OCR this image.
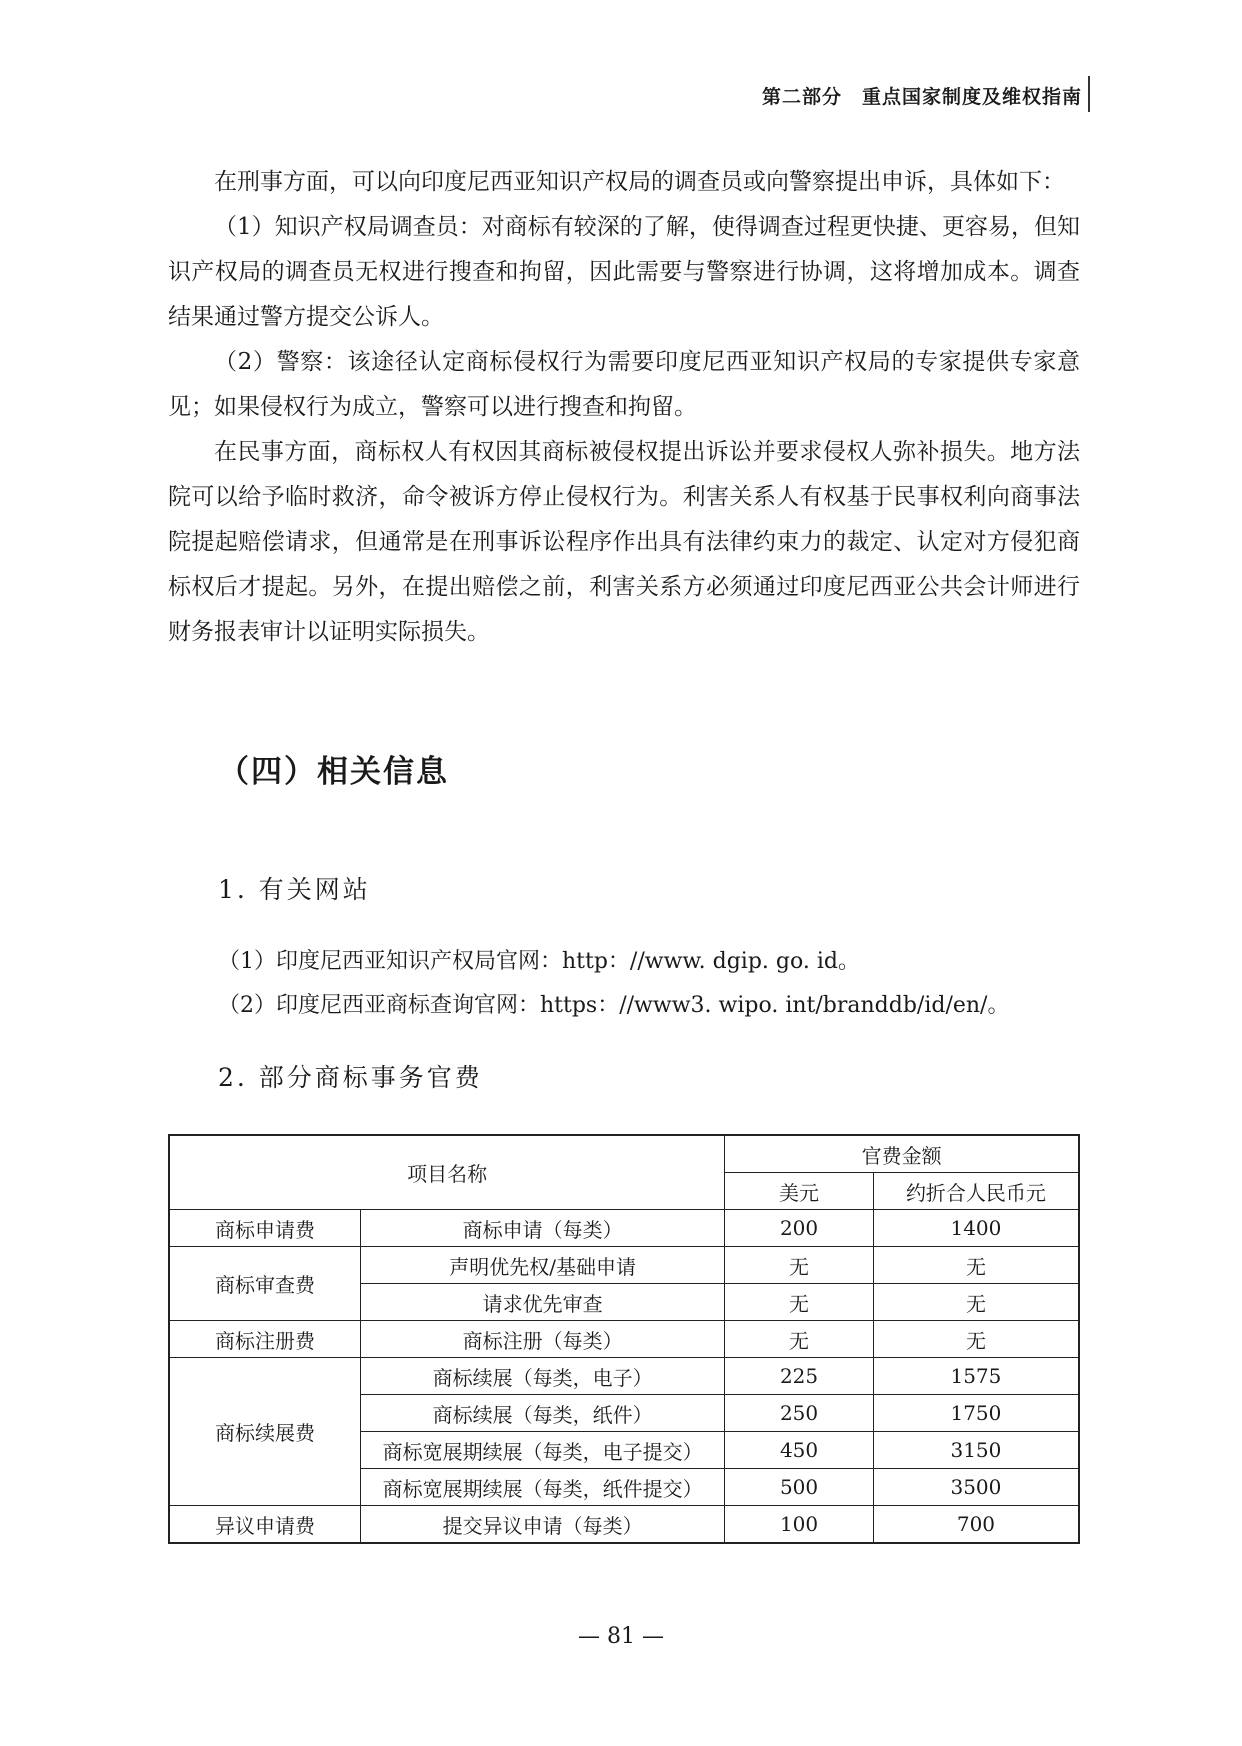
第二部分　重点国家制度及维权指南

在刑事方面，可以向印度尼西亚知识产权局的调查员或向警察提出申诉，具体如下：

（1）知识产权局调查员：对商标有较深的了解，使得调查过程更快捷、更容易，但知识产权局的调查员无权进行搜查和拘留，因此需要与警察进行协调，这将增加成本。调查结果通过警方提交公诉人。

（2）警察：该途径认定商标侵权行为需要印度尼西亚知识产权局的专家提供专家意见；如果侵权行为成立，警察可以进行搜查和拘留。

在民事方面，商标权人有权因其商标被侵权提出诉讼并要求侵权人弥补损失。地方法院可以给予临时救济，命令被诉方停止侵权行为。利害关系人有权基于民事权利向商事法院提起赔偿请求，但通常是在刑事诉讼程序作出具有法律约束力的裁定、认定对方侵犯商标权后才提起。另外，在提出赔偿之前，利害关系方必须通过印度尼西亚公共会计师进行财务报表审计以证明实际损失。

（四）相关信息
1. 有关网站
（1）印度尼西亚知识产权局官网：http：//www. dgip. go. id。
（2）印度尼西亚商标查询官网：https：//www3. wipo. int/branddb/id/en/。
2. 部分商标事务官费
项目名称		官费金额	
		美元	约折合人民币元
商标申请费	商标申请（每类）	200	1400
商标审查费	声明优先权/基础申请	无	无
	请求优先审查	无	无
商标注册费	商标注册（每类）	无	无
商标续展费	商标续展（每类，电子）	225	1575
	商标续展（每类，纸件）	250	1750
	商标宽展期续展（每类，电子提交）	450	3150
	商标宽展期续展（每类，纸件提交）	500	3500
异议申请费	提交异议申请（每类）	100	700
— 81 —
